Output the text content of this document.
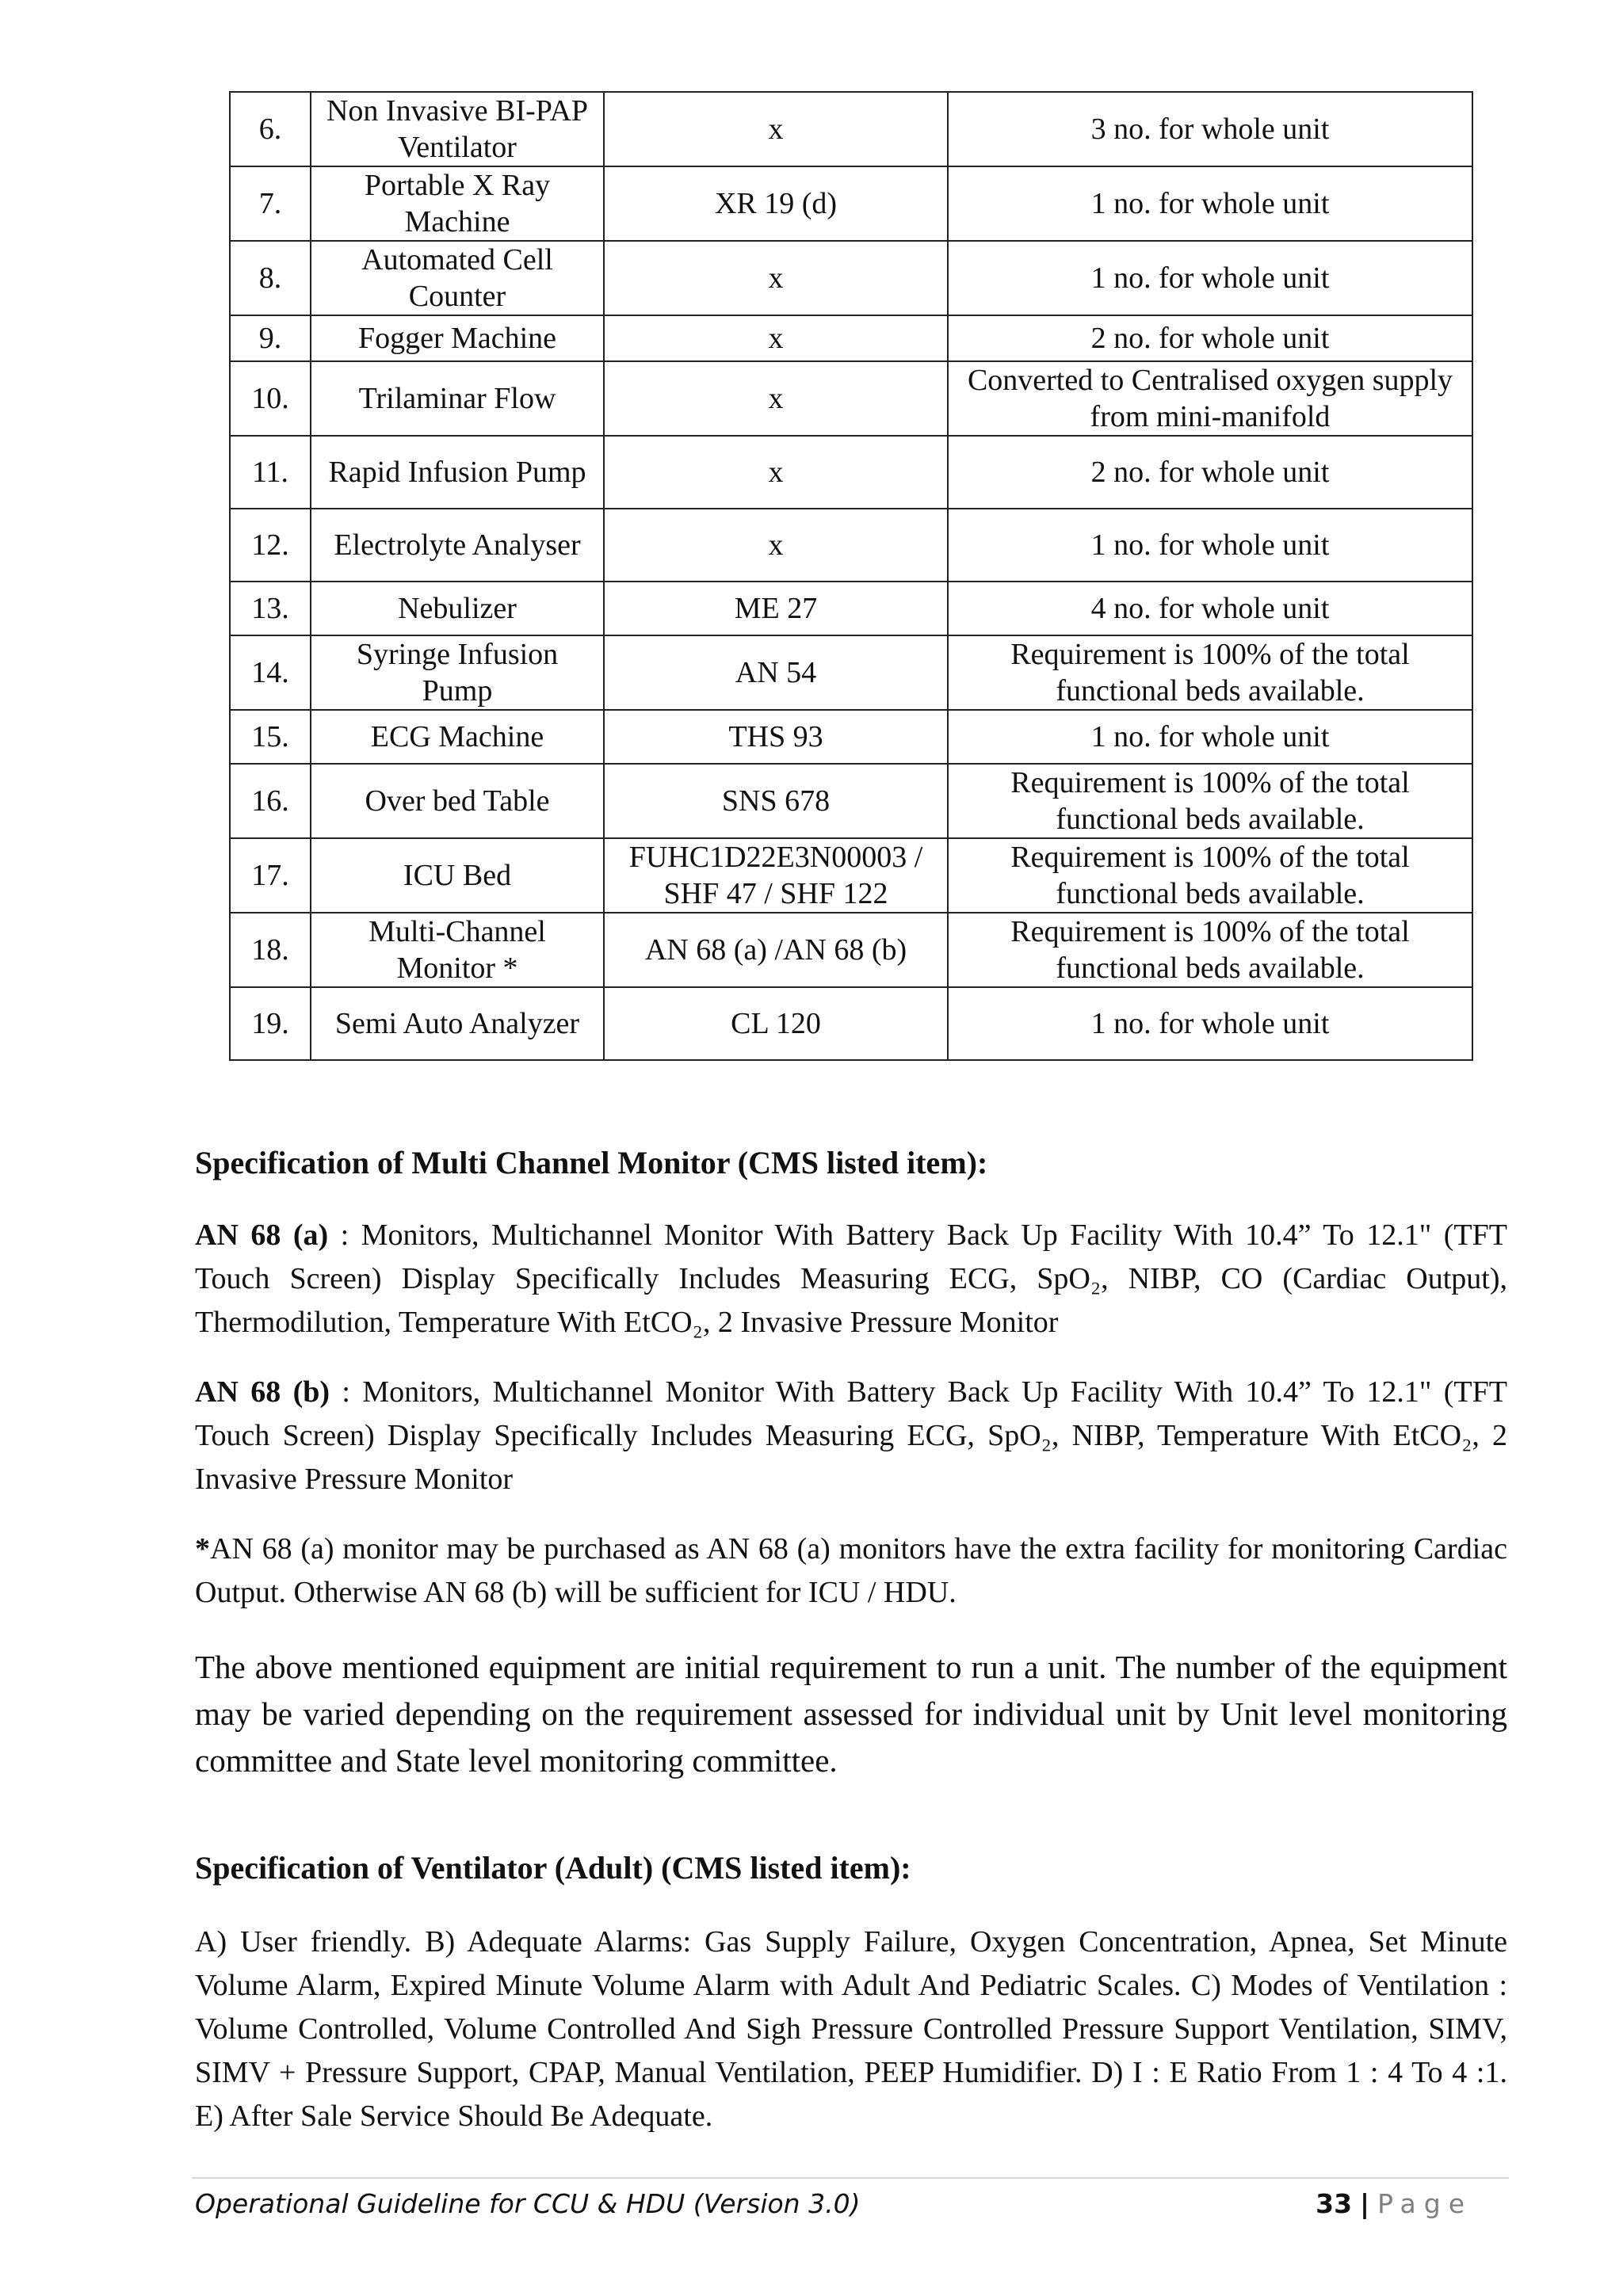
6.	Non Invasive BI-PAP Ventilator	x	3 no. for whole unit
7.	Portable X Ray Machine	XR 19 (d)	1 no. for whole unit
8.	Automated Cell Counter	x	1 no. for whole unit
9.	Fogger Machine	x	2 no. for whole unit
10.	Trilaminar Flow	x	Converted to Centralised oxygen supply from mini-manifold
11.	Rapid Infusion Pump	x	2 no. for whole unit
12.	Electrolyte Analyser	x	1 no. for whole unit
13.	Nebulizer	ME 27	4 no. for whole unit
14.	Syringe Infusion Pump	AN 54	Requirement is 100% of the total functional beds available.
15.	ECG Machine	THS 93	1 no. for whole unit
16.	Over bed Table	SNS 678	Requirement is 100% of the total functional beds available.
17.	ICU Bed	FUHC1D22E3N00003 / SHF 47 / SHF 122	Requirement is 100% of the total functional beds available.
18.	Multi-Channel Monitor *	AN 68 (a) /AN 68 (b)	Requirement is 100% of the total functional beds available.
19.	Semi Auto Analyzer	CL 120	1 no. for whole unit
Specification of Multi Channel Monitor (CMS listed item):
AN 68 (a) : Monitors, Multichannel Monitor With Battery Back Up Facility With 10.4” To 12.1" (TFT Touch Screen) Display Specifically Includes Measuring ECG, SpO₂, NIBP, CO (Cardiac Output), Thermodilution, Temperature With EtCO₂, 2 Invasive Pressure Monitor
AN 68 (b) : Monitors, Multichannel Monitor With Battery Back Up Facility With 10.4” To 12.1" (TFT Touch Screen) Display Specifically Includes Measuring ECG, SpO₂, NIBP, Temperature With EtCO₂, 2 Invasive Pressure Monitor
*AN 68 (a) monitor may be purchased as AN 68 (a) monitors have the extra facility for monitoring Cardiac Output. Otherwise AN 68 (b) will be sufficient for ICU / HDU.
The above mentioned equipment are initial requirement to run a unit. The number of the equipment may be varied depending on the requirement assessed for individual unit by Unit level monitoring committee and State level monitoring committee.
Specification of Ventilator (Adult) (CMS listed item):
A) User friendly. B) Adequate Alarms: Gas Supply Failure, Oxygen Concentration, Apnea, Set Minute Volume Alarm, Expired Minute Volume Alarm with Adult And Pediatric Scales. C) Modes of Ventilation : Volume Controlled, Volume Controlled And Sigh Pressure Controlled Pressure Support Ventilation, SIMV, SIMV + Pressure Support, CPAP, Manual Ventilation, PEEP Humidifier. D) I : E Ratio From 1 : 4 To 4 :1. E) After Sale Service Should Be Adequate.
Operational Guideline for CCU & HDU (Version 3.0)	33 | Page
